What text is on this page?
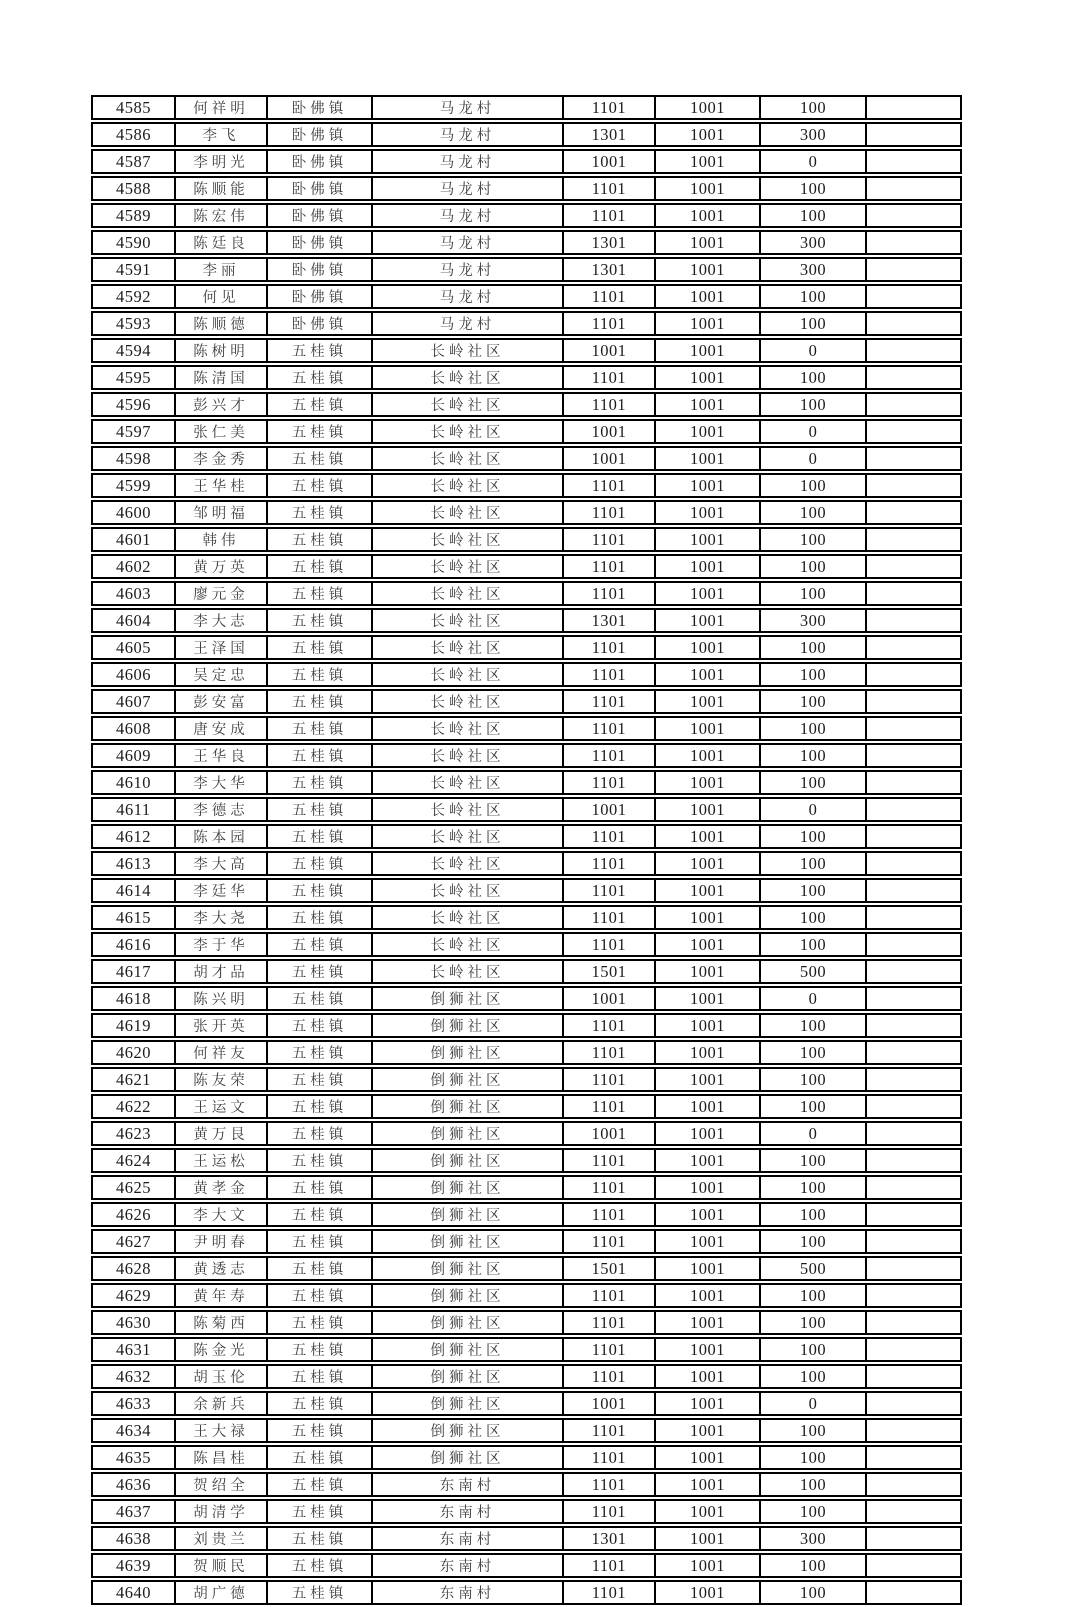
4585	何祥明	卧佛镇	马龙村	1101	1001	100	
4586	李飞	卧佛镇	马龙村	1301	1001	300	
4587	李明光	卧佛镇	马龙村	1001	1001	0	
4588	陈顺能	卧佛镇	马龙村	1101	1001	100	
4589	陈宏伟	卧佛镇	马龙村	1101	1001	100	
4590	陈廷良	卧佛镇	马龙村	1301	1001	300	
4591	李丽	卧佛镇	马龙村	1301	1001	300	
4592	何见	卧佛镇	马龙村	1101	1001	100	
4593	陈顺德	卧佛镇	马龙村	1101	1001	100	
4594	陈树明	五桂镇	长岭社区	1001	1001	0	
4595	陈清国	五桂镇	长岭社区	1101	1001	100	
4596	彭兴才	五桂镇	长岭社区	1101	1001	100	
4597	张仁美	五桂镇	长岭社区	1001	1001	0	
4598	李金秀	五桂镇	长岭社区	1001	1001	0	
4599	王华桂	五桂镇	长岭社区	1101	1001	100	
4600	邹明福	五桂镇	长岭社区	1101	1001	100	
4601	韩伟	五桂镇	长岭社区	1101	1001	100	
4602	黄万英	五桂镇	长岭社区	1101	1001	100	
4603	廖元金	五桂镇	长岭社区	1101	1001	100	
4604	李大志	五桂镇	长岭社区	1301	1001	300	
4605	王泽国	五桂镇	长岭社区	1101	1001	100	
4606	吴定忠	五桂镇	长岭社区	1101	1001	100	
4607	彭安富	五桂镇	长岭社区	1101	1001	100	
4608	唐安成	五桂镇	长岭社区	1101	1001	100	
4609	王华良	五桂镇	长岭社区	1101	1001	100	
4610	李大华	五桂镇	长岭社区	1101	1001	100	
4611	李德志	五桂镇	长岭社区	1001	1001	0	
4612	陈本园	五桂镇	长岭社区	1101	1001	100	
4613	李大高	五桂镇	长岭社区	1101	1001	100	
4614	李廷华	五桂镇	长岭社区	1101	1001	100	
4615	李大尧	五桂镇	长岭社区	1101	1001	100	
4616	李于华	五桂镇	长岭社区	1101	1001	100	
4617	胡才品	五桂镇	长岭社区	1501	1001	500	
4618	陈兴明	五桂镇	倒狮社区	1001	1001	0	
4619	张开英	五桂镇	倒狮社区	1101	1001	100	
4620	何祥友	五桂镇	倒狮社区	1101	1001	100	
4621	陈友荣	五桂镇	倒狮社区	1101	1001	100	
4622	王运文	五桂镇	倒狮社区	1101	1001	100	
4623	黄万艮	五桂镇	倒狮社区	1001	1001	0	
4624	王运松	五桂镇	倒狮社区	1101	1001	100	
4625	黄孝金	五桂镇	倒狮社区	1101	1001	100	
4626	李大文	五桂镇	倒狮社区	1101	1001	100	
4627	尹明春	五桂镇	倒狮社区	1101	1001	100	
4628	黄透志	五桂镇	倒狮社区	1501	1001	500	
4629	黄年寿	五桂镇	倒狮社区	1101	1001	100	
4630	陈菊西	五桂镇	倒狮社区	1101	1001	100	
4631	陈金光	五桂镇	倒狮社区	1101	1001	100	
4632	胡玉伦	五桂镇	倒狮社区	1101	1001	100	
4633	余新兵	五桂镇	倒狮社区	1001	1001	0	
4634	王大禄	五桂镇	倒狮社区	1101	1001	100	
4635	陈昌桂	五桂镇	倒狮社区	1101	1001	100	
4636	贺绍全	五桂镇	东南村	1101	1001	100	
4637	胡清学	五桂镇	东南村	1101	1001	100	
4638	刘贵兰	五桂镇	东南村	1301	1001	300	
4639	贺顺民	五桂镇	东南村	1101	1001	100	
4640	胡广德	五桂镇	东南村	1101	1001	100	
